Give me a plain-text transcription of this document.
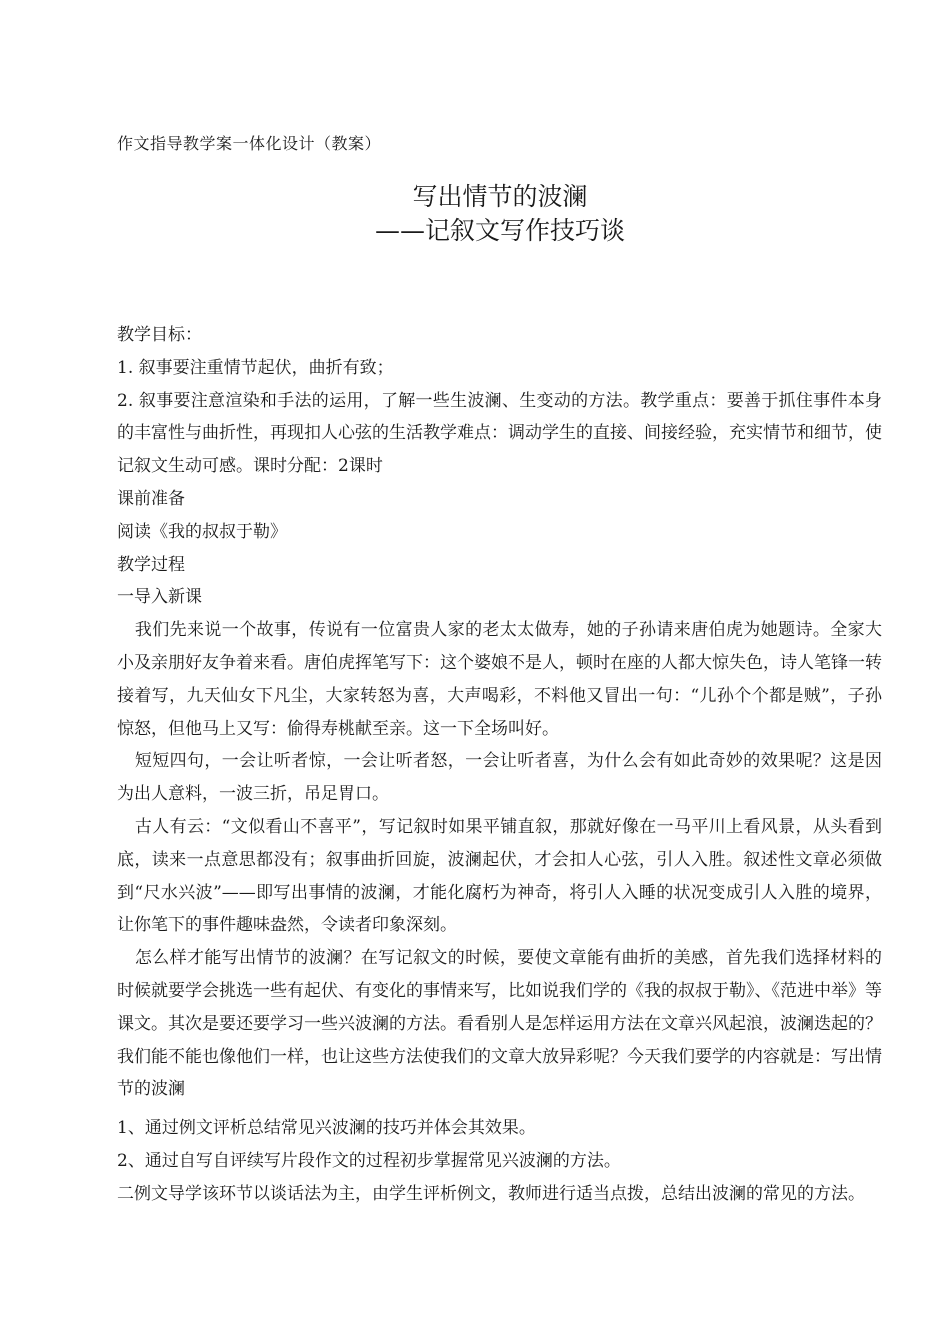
作文指导教学案一体化设计（教案）
写出情节的波澜
——记叙文写作技巧谈

教学目标：

1. 叙事要注重情节起伏，曲折有致；

2. 叙事要注意渲染和手法的运用，了解一些生波澜、生变动的方法。教学重点：要善于抓住事件本身的丰富性与曲折性，再现扣人心弦的生活教学难点：调动学生的直接、间接经验，充实情节和细节，使记叙文生动可感。课时分配：2课时

课前准备

阅读《我的叔叔于勒》

教学过程

一导入新课

我们先来说一个故事，传说有一位富贵人家的老太太做寿，她的子孙请来唐伯虎为她题诗。全家大小及亲朋好友争着来看。唐伯虎挥笔写下：这个婆娘不是人，顿时在座的人都大惊失色，诗人笔锋一转接着写，九天仙女下凡尘，大家转怒为喜，大声喝彩，不料他又冒出一句：“儿孙个个都是贼”，子孙惊怒，但他马上又写：偷得寿桃献至亲。这一下全场叫好。

短短四句，一会让听者惊，一会让听者怒，一会让听者喜，为什么会有如此奇妙的效果呢？这是因为出人意料，一波三折，吊足胃口。

古人有云：“文似看山不喜平”，写记叙时如果平铺直叙，那就好像在一马平川上看风景，从头看到底，读来一点意思都没有；叙事曲折回旋，波澜起伏，才会扣人心弦，引人入胜。叙述性文章必须做到“尺水兴波”——即写出事情的波澜，才能化腐朽为神奇，将引人入睡的状况变成引人入胜的境界，让你笔下的事件趣味盎然，令读者印象深刻。

怎么样才能写出情节的波澜？在写记叙文的时候，要使文章能有曲折的美感，首先我们选择材料的时候就要学会挑选一些有起伏、有变化的事情来写，比如说我们学的《我的叔叔于勒》、《范进中举》等课文。其次是要还要学习一些兴波澜的方法。看看别人是怎样运用方法在文章兴风起浪，波澜迭起的？我们能不能也像他们一样，也让这些方法使我们的文章大放异彩呢？今天我们要学的内容就是：写出情节的波澜

1、通过例文评析总结常见兴波澜的技巧并体会其效果。

2、通过自写自评续写片段作文的过程初步掌握常见兴波澜的方法。

二例文导学该环节以谈话法为主，由学生评析例文，教师进行适当点拨，总结出波澜的常见的方法。
